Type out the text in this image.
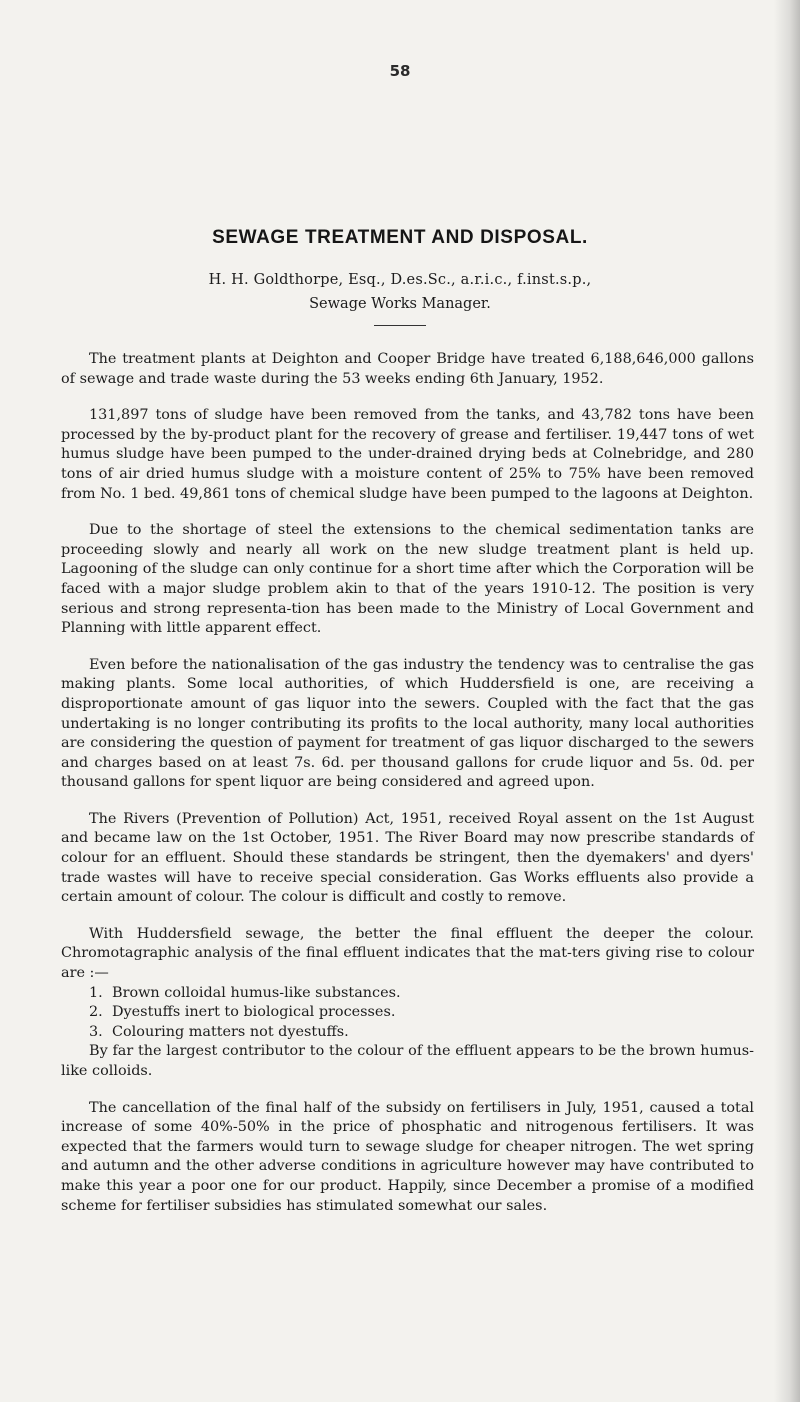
58
SEWAGE TREATMENT AND DISPOSAL.
H. H. Goldthorpe, Esq., D.es.Sc., a.r.i.c., f.inst.s.p.,
Sewage Works Manager.

The treatment plants at Deighton and Cooper Bridge have treated 6,188,646,000 gallons of sewage and trade waste during the 53 weeks ending 6th January, 1952.

131,897 tons of sludge have been removed from the tanks, and 43,782 tons have been processed by the by-product plant for the recovery of grease and fertiliser. 19,447 tons of wet humus sludge have been pumped to the under-drained drying beds at Colnebridge, and 280 tons of air dried humus sludge with a moisture content of 25% to 75% have been removed from No. 1 bed. 49,861 tons of chemical sludge have been pumped to the lagoons at Deighton.

Due to the shortage of steel the extensions to the chemical sedimentation tanks are proceeding slowly and nearly all work on the new sludge treatment plant is held up. Lagooning of the sludge can only continue for a short time after which the Corporation will be faced with a major sludge problem akin to that of the years 1910-12. The position is very serious and strong representa-tion has been made to the Ministry of Local Government and Planning with little apparent effect.

Even before the nationalisation of the gas industry the tendency was to centralise the gas making plants. Some local authorities, of which Huddersfield is one, are receiving a disproportionate amount of gas liquor into the sewers. Coupled with the fact that the gas undertaking is no longer contributing its profits to the local authority, many local authorities are considering the question of payment for treatment of gas liquor discharged to the sewers and charges based on at least 7s. 6d. per thousand gallons for crude liquor and 5s. 0d. per thousand gallons for spent liquor are being considered and agreed upon.

The Rivers (Prevention of Pollution) Act, 1951, received Royal assent on the 1st August and became law on the 1st October, 1951. The River Board may now prescribe standards of colour for an effluent. Should these standards be stringent, then the dyemakers' and dyers' trade wastes will have to receive special consideration. Gas Works effluents also provide a certain amount of colour. The colour is difficult and costly to remove.

With Huddersfield sewage, the better the final effluent the deeper the colour. Chromotagraphic analysis of the final effluent indicates that the mat-ters giving rise to colour are :—

1. Brown colloidal humus-like substances.
2. Dyestuffs inert to biological processes.
3. Colouring matters not dyestuffs.

By far the largest contributor to the colour of the effluent appears to be the brown humus-like colloids.

The cancellation of the final half of the subsidy on fertilisers in July, 1951, caused a total increase of some 40%-50% in the price of phosphatic and nitrogenous fertilisers. It was expected that the farmers would turn to sewage sludge for cheaper nitrogen. The wet spring and autumn and the other adverse conditions in agriculture however may have contributed to make this year a poor one for our product. Happily, since December a promise of a modified scheme for fertiliser subsidies has stimulated somewhat our sales.
